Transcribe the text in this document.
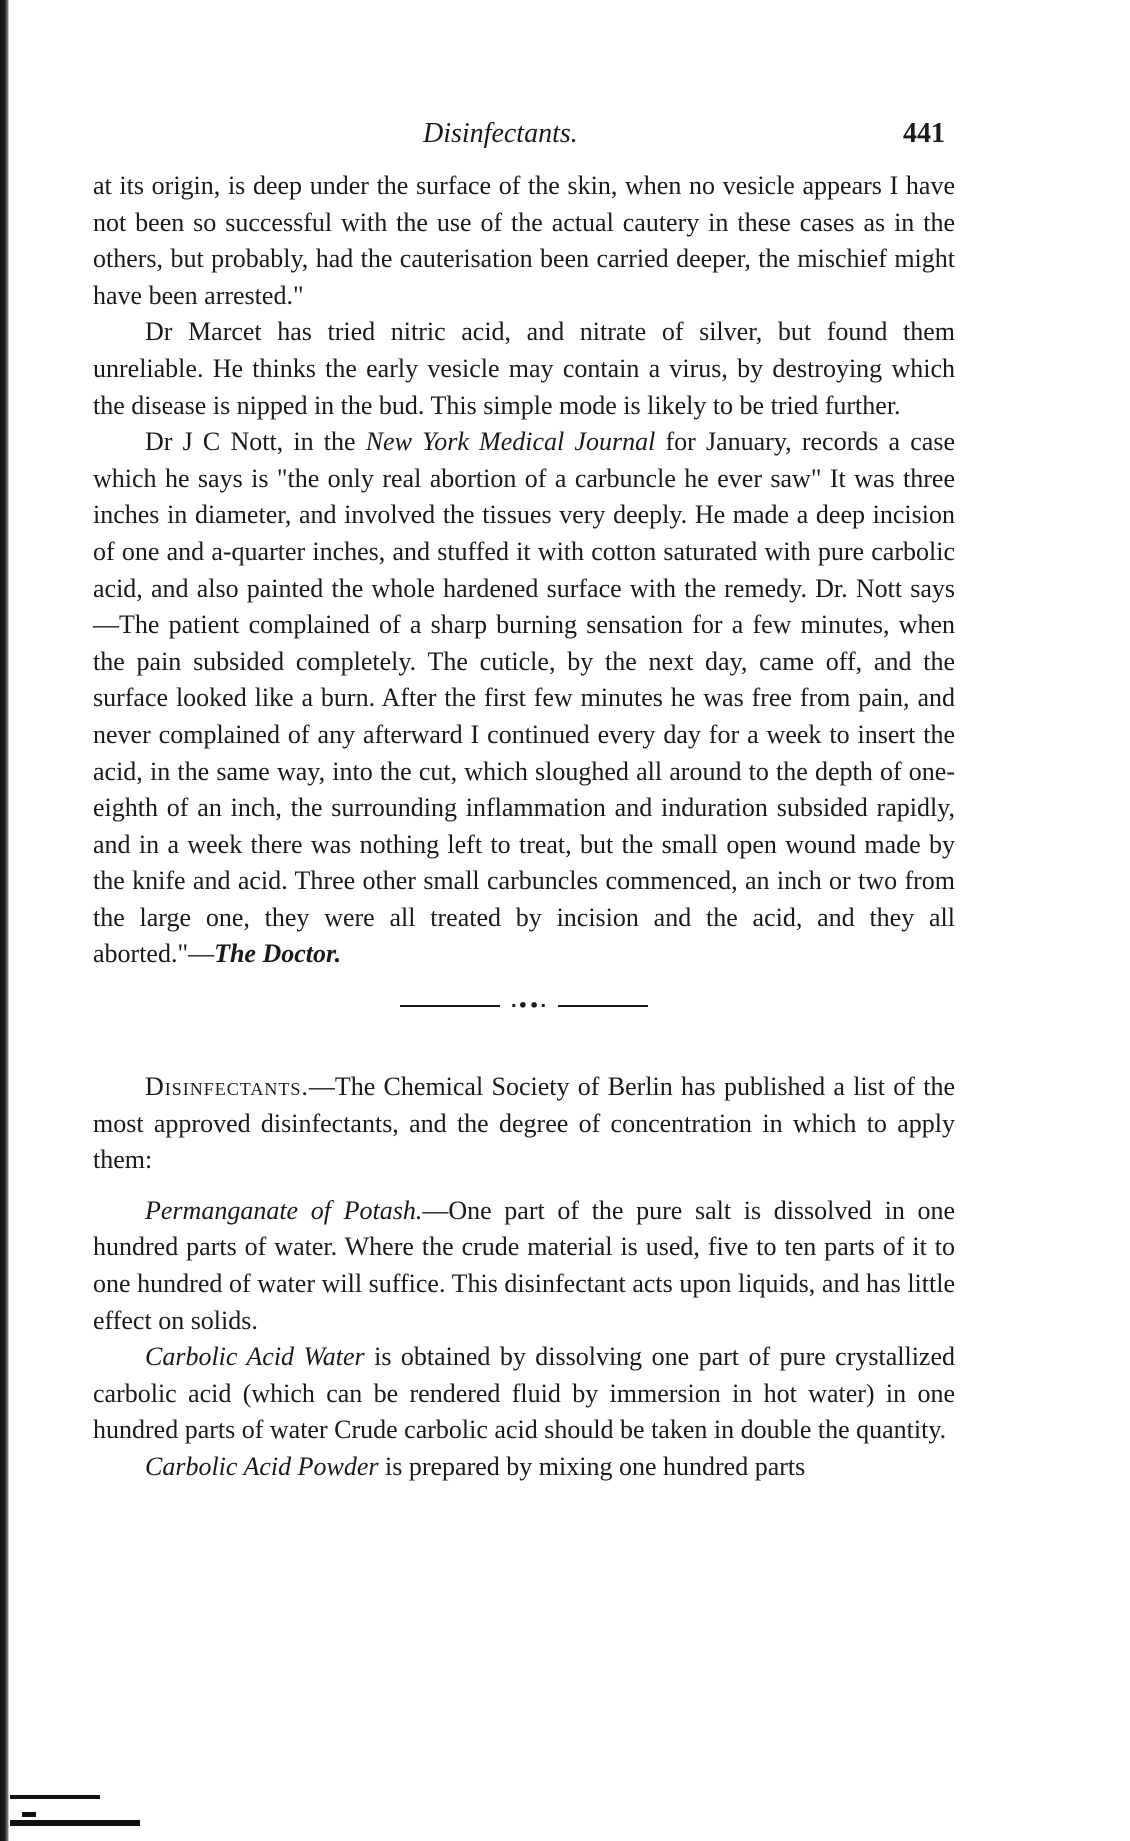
Disinfectants.	441

at its origin, is deep under the surface of the skin, when no vesicle appears I have not been so successful with the use of the actual cautery in these cases as in the others, but probably, had the cauterisation been carried deeper, the mischief might have been arrested."

Dr Marcet has tried nitric acid, and nitrate of silver, but found them unreliable. He thinks the early vesicle may contain a virus, by destroying which the disease is nipped in the bud. This simple mode is likely to be tried further.

Dr J C Nott, in the New York Medical Journal for January, records a case which he says is "the only real abortion of a carbuncle he ever saw" It was three inches in diameter, and involved the tissues very deeply. He made a deep incision of one and a-quarter inches, and stuffed it with cotton saturated with pure carbolic acid, and also painted the whole hardened surface with the remedy. Dr. Nott says —The patient complained of a sharp burning sensation for a few minutes, when the pain subsided completely. The cuticle, by the next day, came off, and the surface looked like a burn. After the first few minutes he was free from pain, and never complained of any afterward I continued every day for a week to insert the acid, in the same way, into the cut, which sloughed all around to the depth of one-eighth of an inch, the surrounding inflammation and induration subsided rapidly, and in a week there was nothing left to treat, but the small open wound made by the knife and acid. Three other small carbuncles commenced, an inch or two from the large one, they were all treated by incision and the acid, and they all aborted."—The Doctor.

·••·

Disinfectants.—The Chemical Society of Berlin has published a list of the most approved disinfectants, and the degree of concentration in which to apply them:

Permanganate of Potash.—One part of the pure salt is dissolved in one hundred parts of water. Where the crude material is used, five to ten parts of it to one hundred of water will suffice. This disinfectant acts upon liquids, and has little effect on solids.

Carbolic Acid Water is obtained by dissolving one part of pure crystallized carbolic acid (which can be rendered fluid by immersion in hot water) in one hundred parts of water Crude carbolic acid should be taken in double the quantity.

Carbolic Acid Powder is prepared by mixing one hundred parts
